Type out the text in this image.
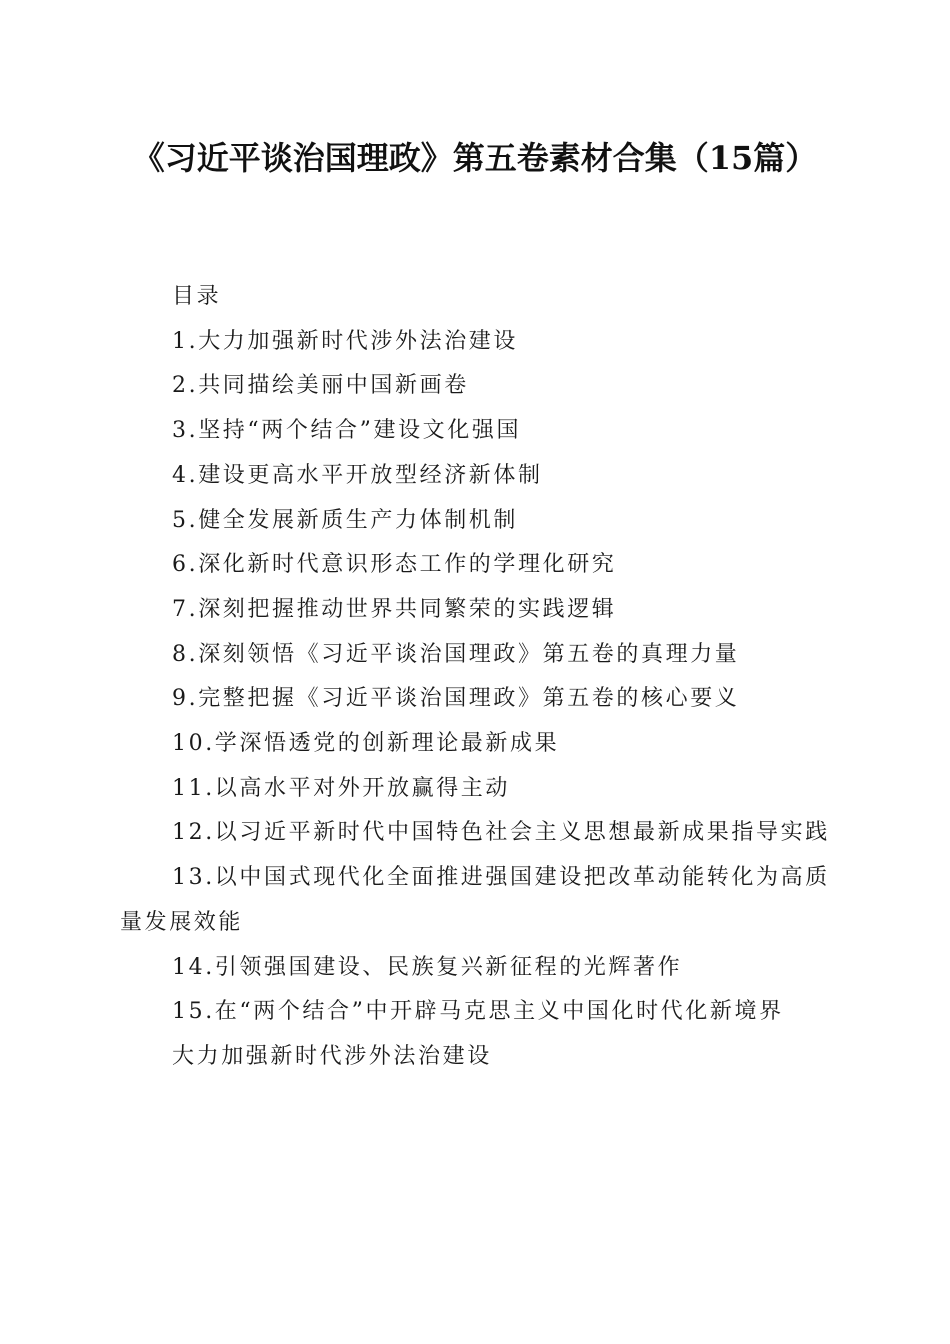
《习近平谈治国理政》第五卷素材合集（15篇）

目录

1.大力加强新时代涉外法治建设

2.共同描绘美丽中国新画卷

3.坚持“两个结合”建设文化强国

4.建设更高水平开放型经济新体制

5.健全发展新质生产力体制机制

6.深化新时代意识形态工作的学理化研究

7.深刻把握推动世界共同繁荣的实践逻辑

8.深刻领悟《习近平谈治国理政》第五卷的真理力量

9.完整把握《习近平谈治国理政》第五卷的核心要义

10.学深悟透党的创新理论最新成果

11.以高水平对外开放赢得主动

12.以习近平新时代中国特色社会主义思想最新成果指导实践

13.以中国式现代化全面推进强国建设把改革动能转化为高质量发展效能

14.引领强国建设、民族复兴新征程的光辉著作

15.在“两个结合”中开辟马克思主义中国化时代化新境界

大力加强新时代涉外法治建设
